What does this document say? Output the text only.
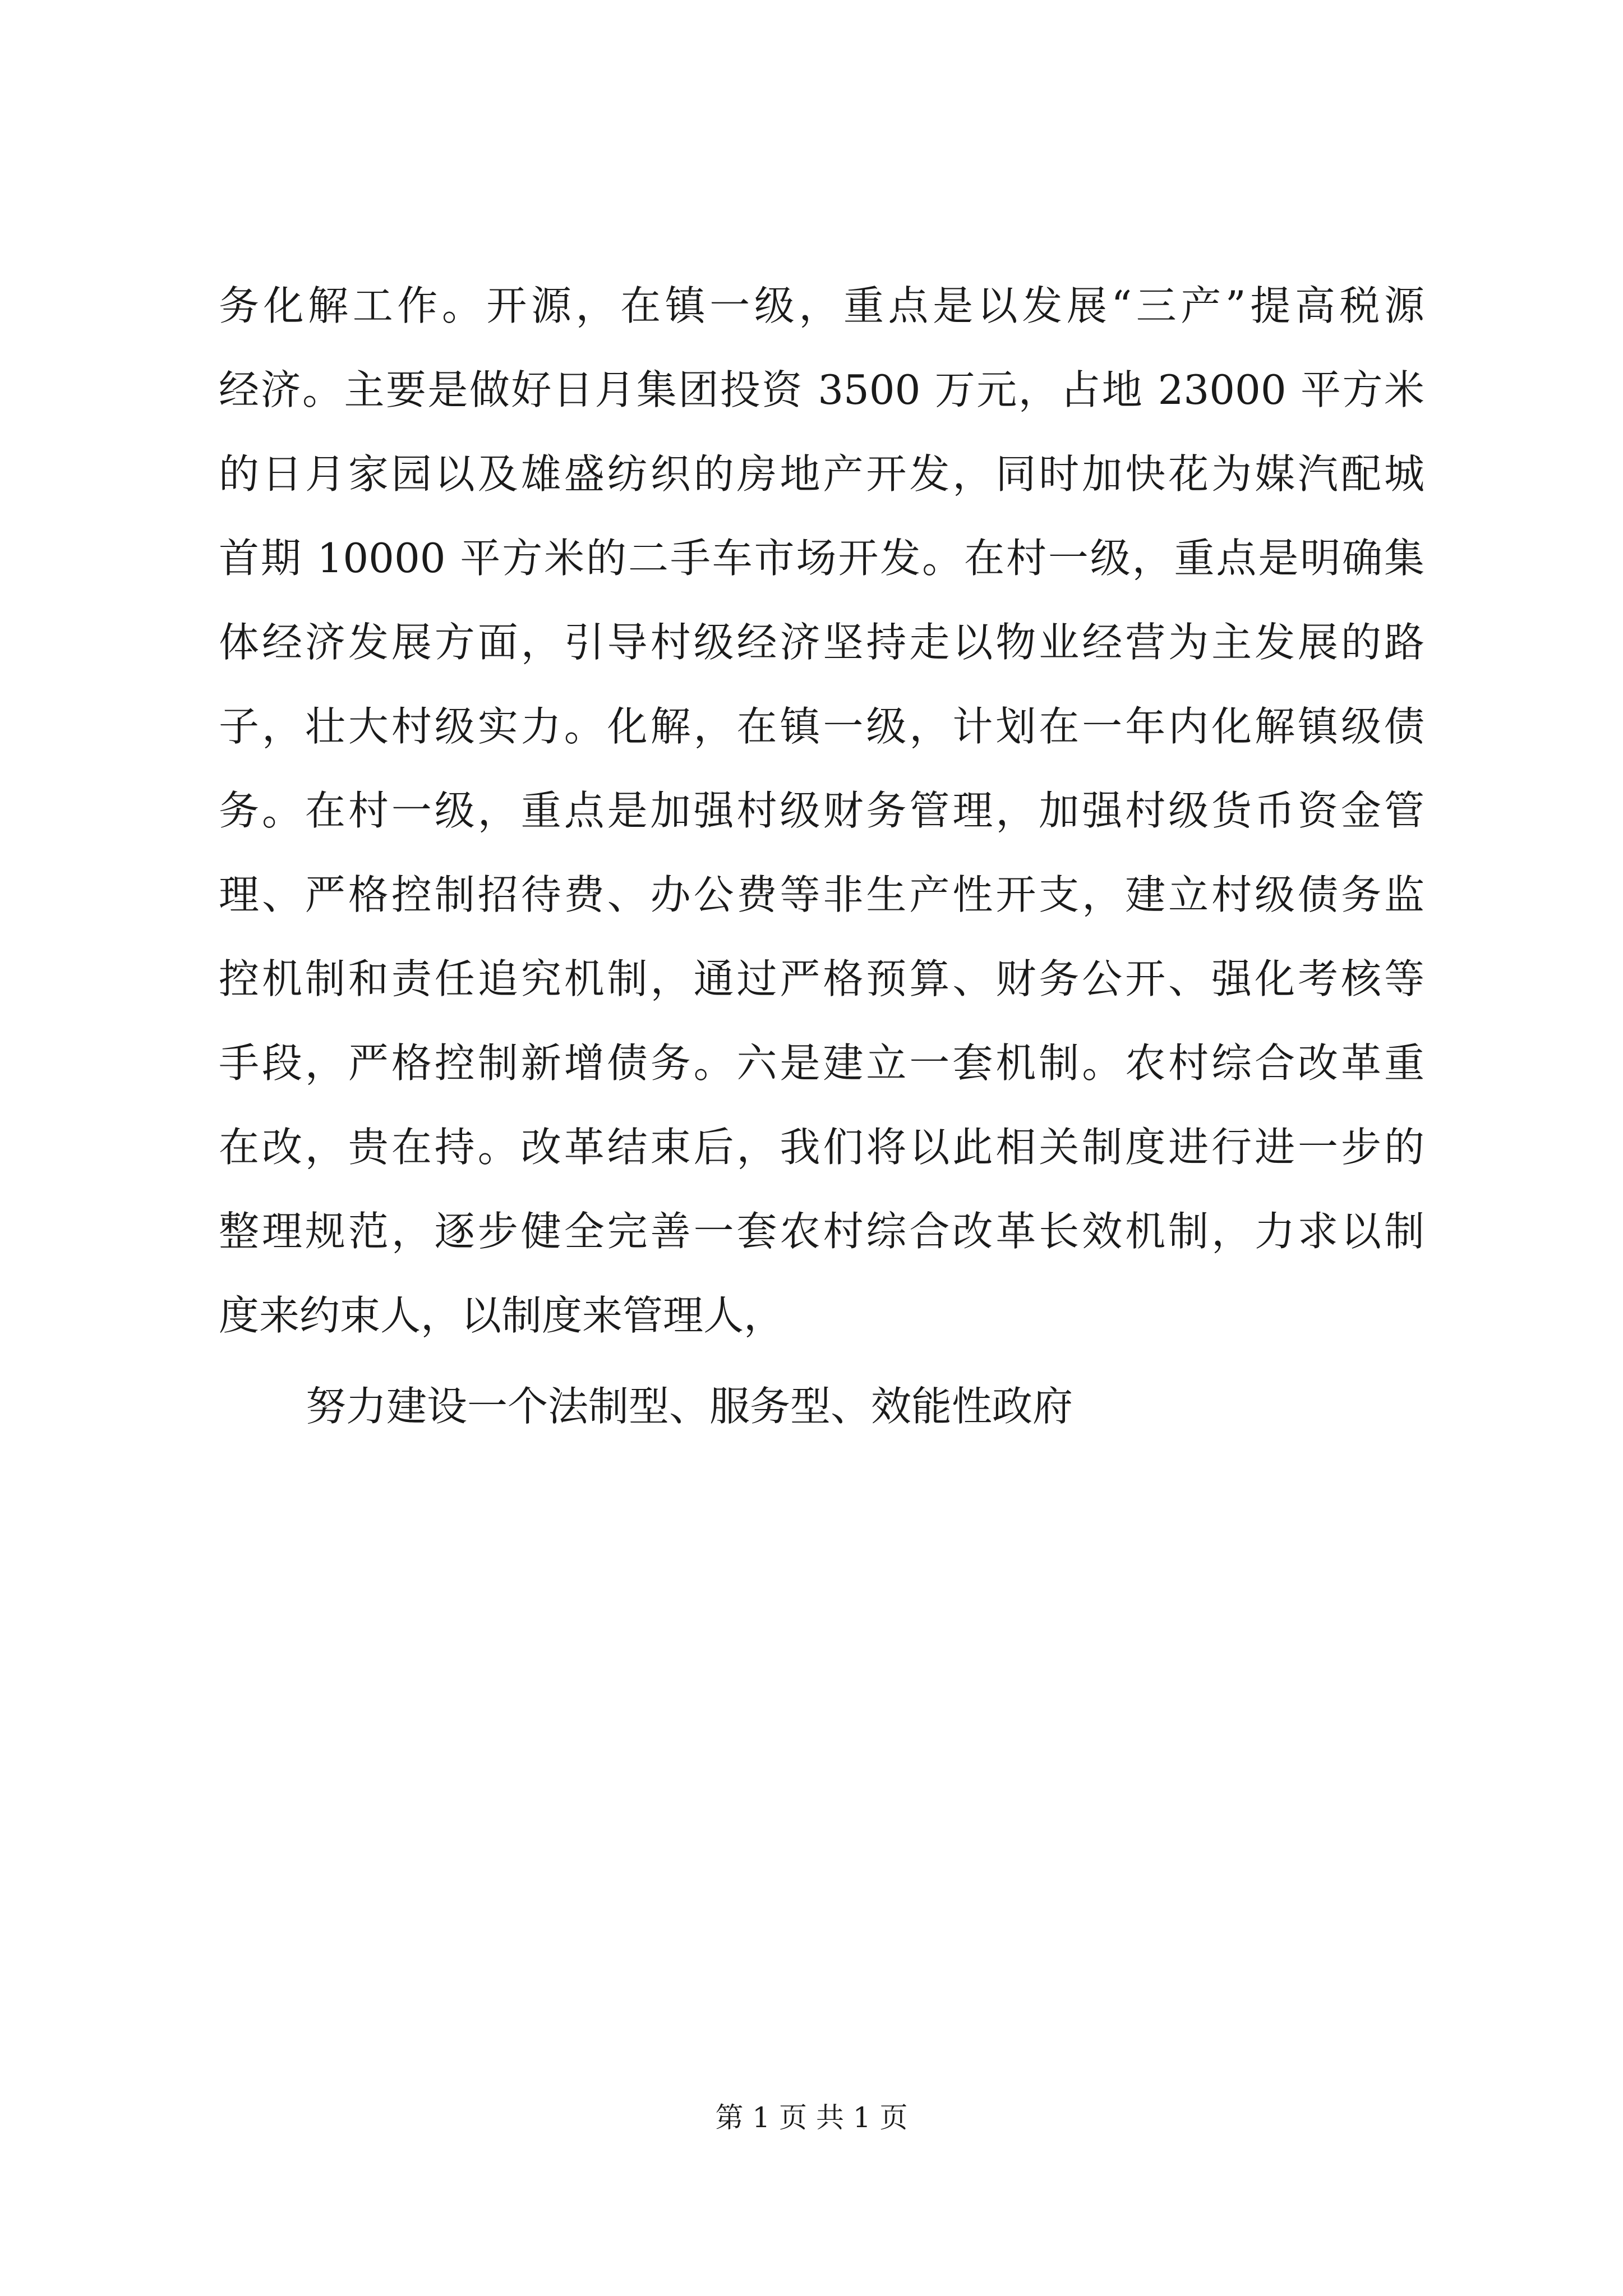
务化解工作。开源，在镇一级，重点是以发展“三产”提高税源
经济。主要是做好日月集团投资 3500 万元，占地 23000 平方米
的日月家园以及雄盛纺织的房地产开发，同时加快花为媒汽配城
首期 10000 平方米的二手车市场开发。在村一级，重点是明确集
体经济发展方面，引导村级经济坚持走以物业经营为主发展的路
子，壮大村级实力。化解，在镇一级，计划在一年内化解镇级债
务。在村一级，重点是加强村级财务管理，加强村级货币资金管
理、严格控制招待费、办公费等非生产性开支，建立村级债务监
控机制和责任追究机制，通过严格预算、财务公开、强化考核等
手段，严格控制新增债务。六是建立一套机制。农村综合改革重
在改，贵在持。改革结束后，我们将以此相关制度进行进一步的
整理规范，逐步健全完善一套农村综合改革长效机制，力求以制
度来约束人，以制度来管理人，
努力建设一个法制型、服务型、效能性政府
第 1 页 共 1 页
